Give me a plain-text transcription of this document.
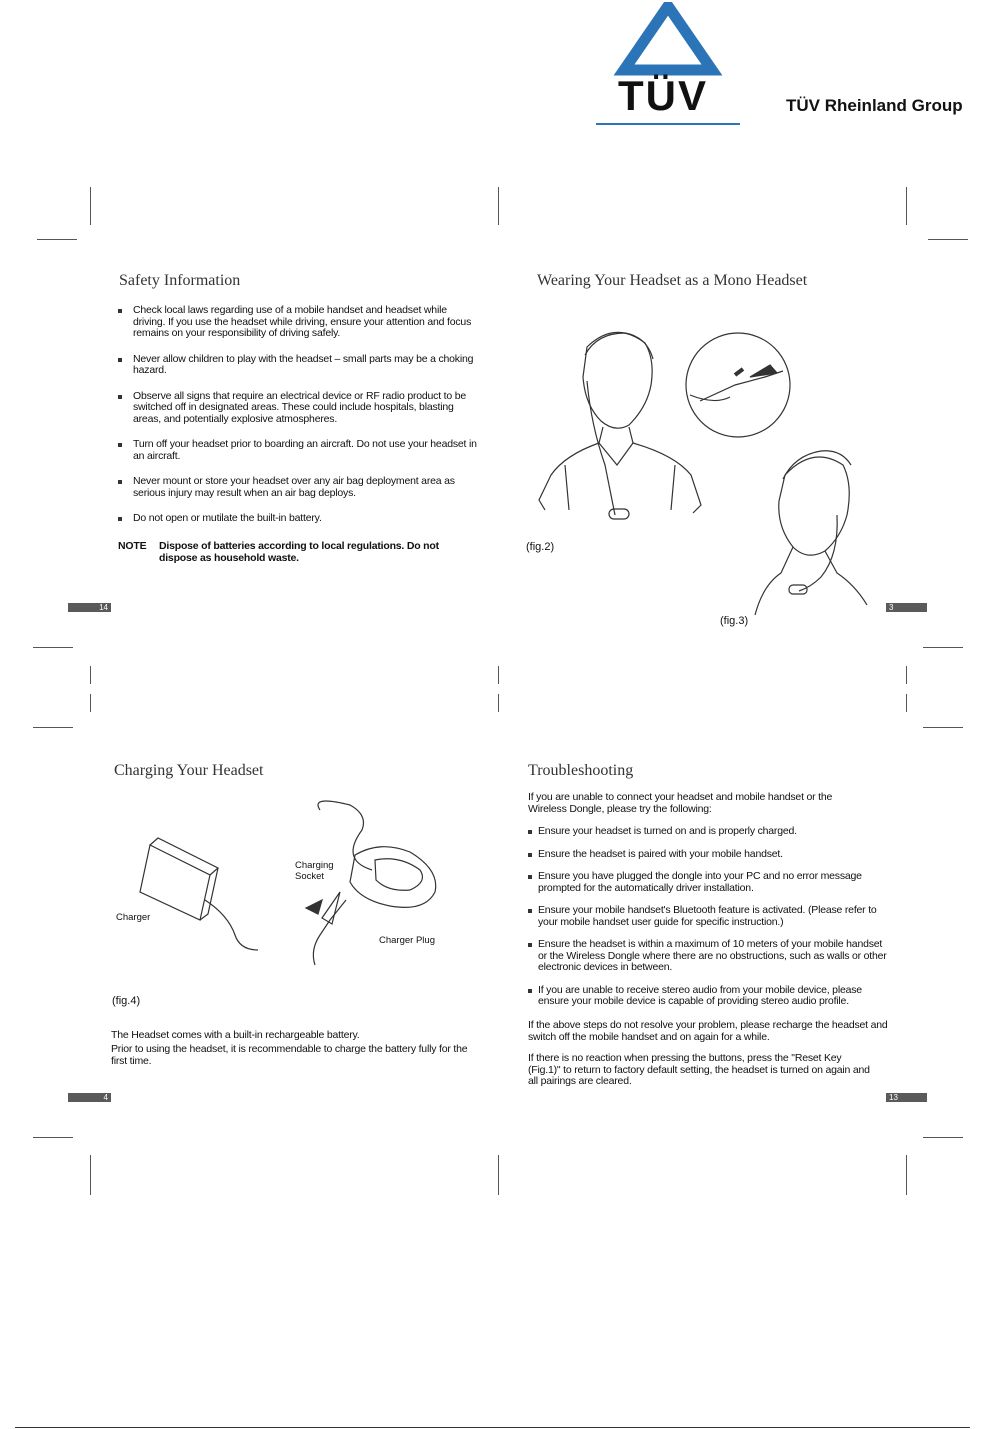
TÜV	TÜV Rheinland Group
Safety Information
Check local laws regarding use of a mobile handset and headset while driving. If you use the headset while driving, ensure your attention and focus remains on your responsibility of driving safely.
Never allow children to play with the headset – small parts may be a choking hazard.
Observe all signs that require an electrical device or RF radio product to be switched off in designated areas. These could include hospitals, blasting areas, and potentially explosive atmospheres.
Turn off your headset prior to boarding an aircraft. Do not use your headset in an aircraft.
Never mount or store your headset over any air bag deployment area as serious injury may result when an air bag deploys.
Do not open or mutilate the built-in battery.
NOTE Dispose of batteries according to local regulations. Do not dispose as household waste.
14
Wearing Your Headset as a Mono Headset
(fig.2)
(fig.3)
3
Charging Your Headset
Charger
Charging Socket
Charger Plug
(fig.4)
The Headset comes with a built-in rechargeable battery.
Prior to using the headset, it is recommendable to charge the battery fully for the first time.
4
Troubleshooting
If you are unable to connect your headset and mobile handset or the Wireless Dongle, please try the following:
Ensure your headset is turned on and is properly charged.
Ensure the headset is paired with your mobile handset.
Ensure you have plugged the dongle into your PC and no error message prompted for the automatically driver installation.
Ensure your mobile handset's Bluetooth feature is activated. (Please refer to your mobile handset user guide for specific instruction.)
Ensure the headset is within a maximum of 10 meters of your mobile handset or the Wireless Dongle where there are no obstructions, such as walls or other electronic devices in between.
If you are unable to receive stereo audio from your mobile device, please ensure your mobile device is capable of providing stereo audio profile.
If the above steps do not resolve your problem, please recharge the headset and switch off the mobile handset and on again for a while.
If there is no reaction when pressing the buttons, press the "Reset Key (Fig.1)" to return to factory default setting, the headset is turned on again and all pairings are cleared.
13
